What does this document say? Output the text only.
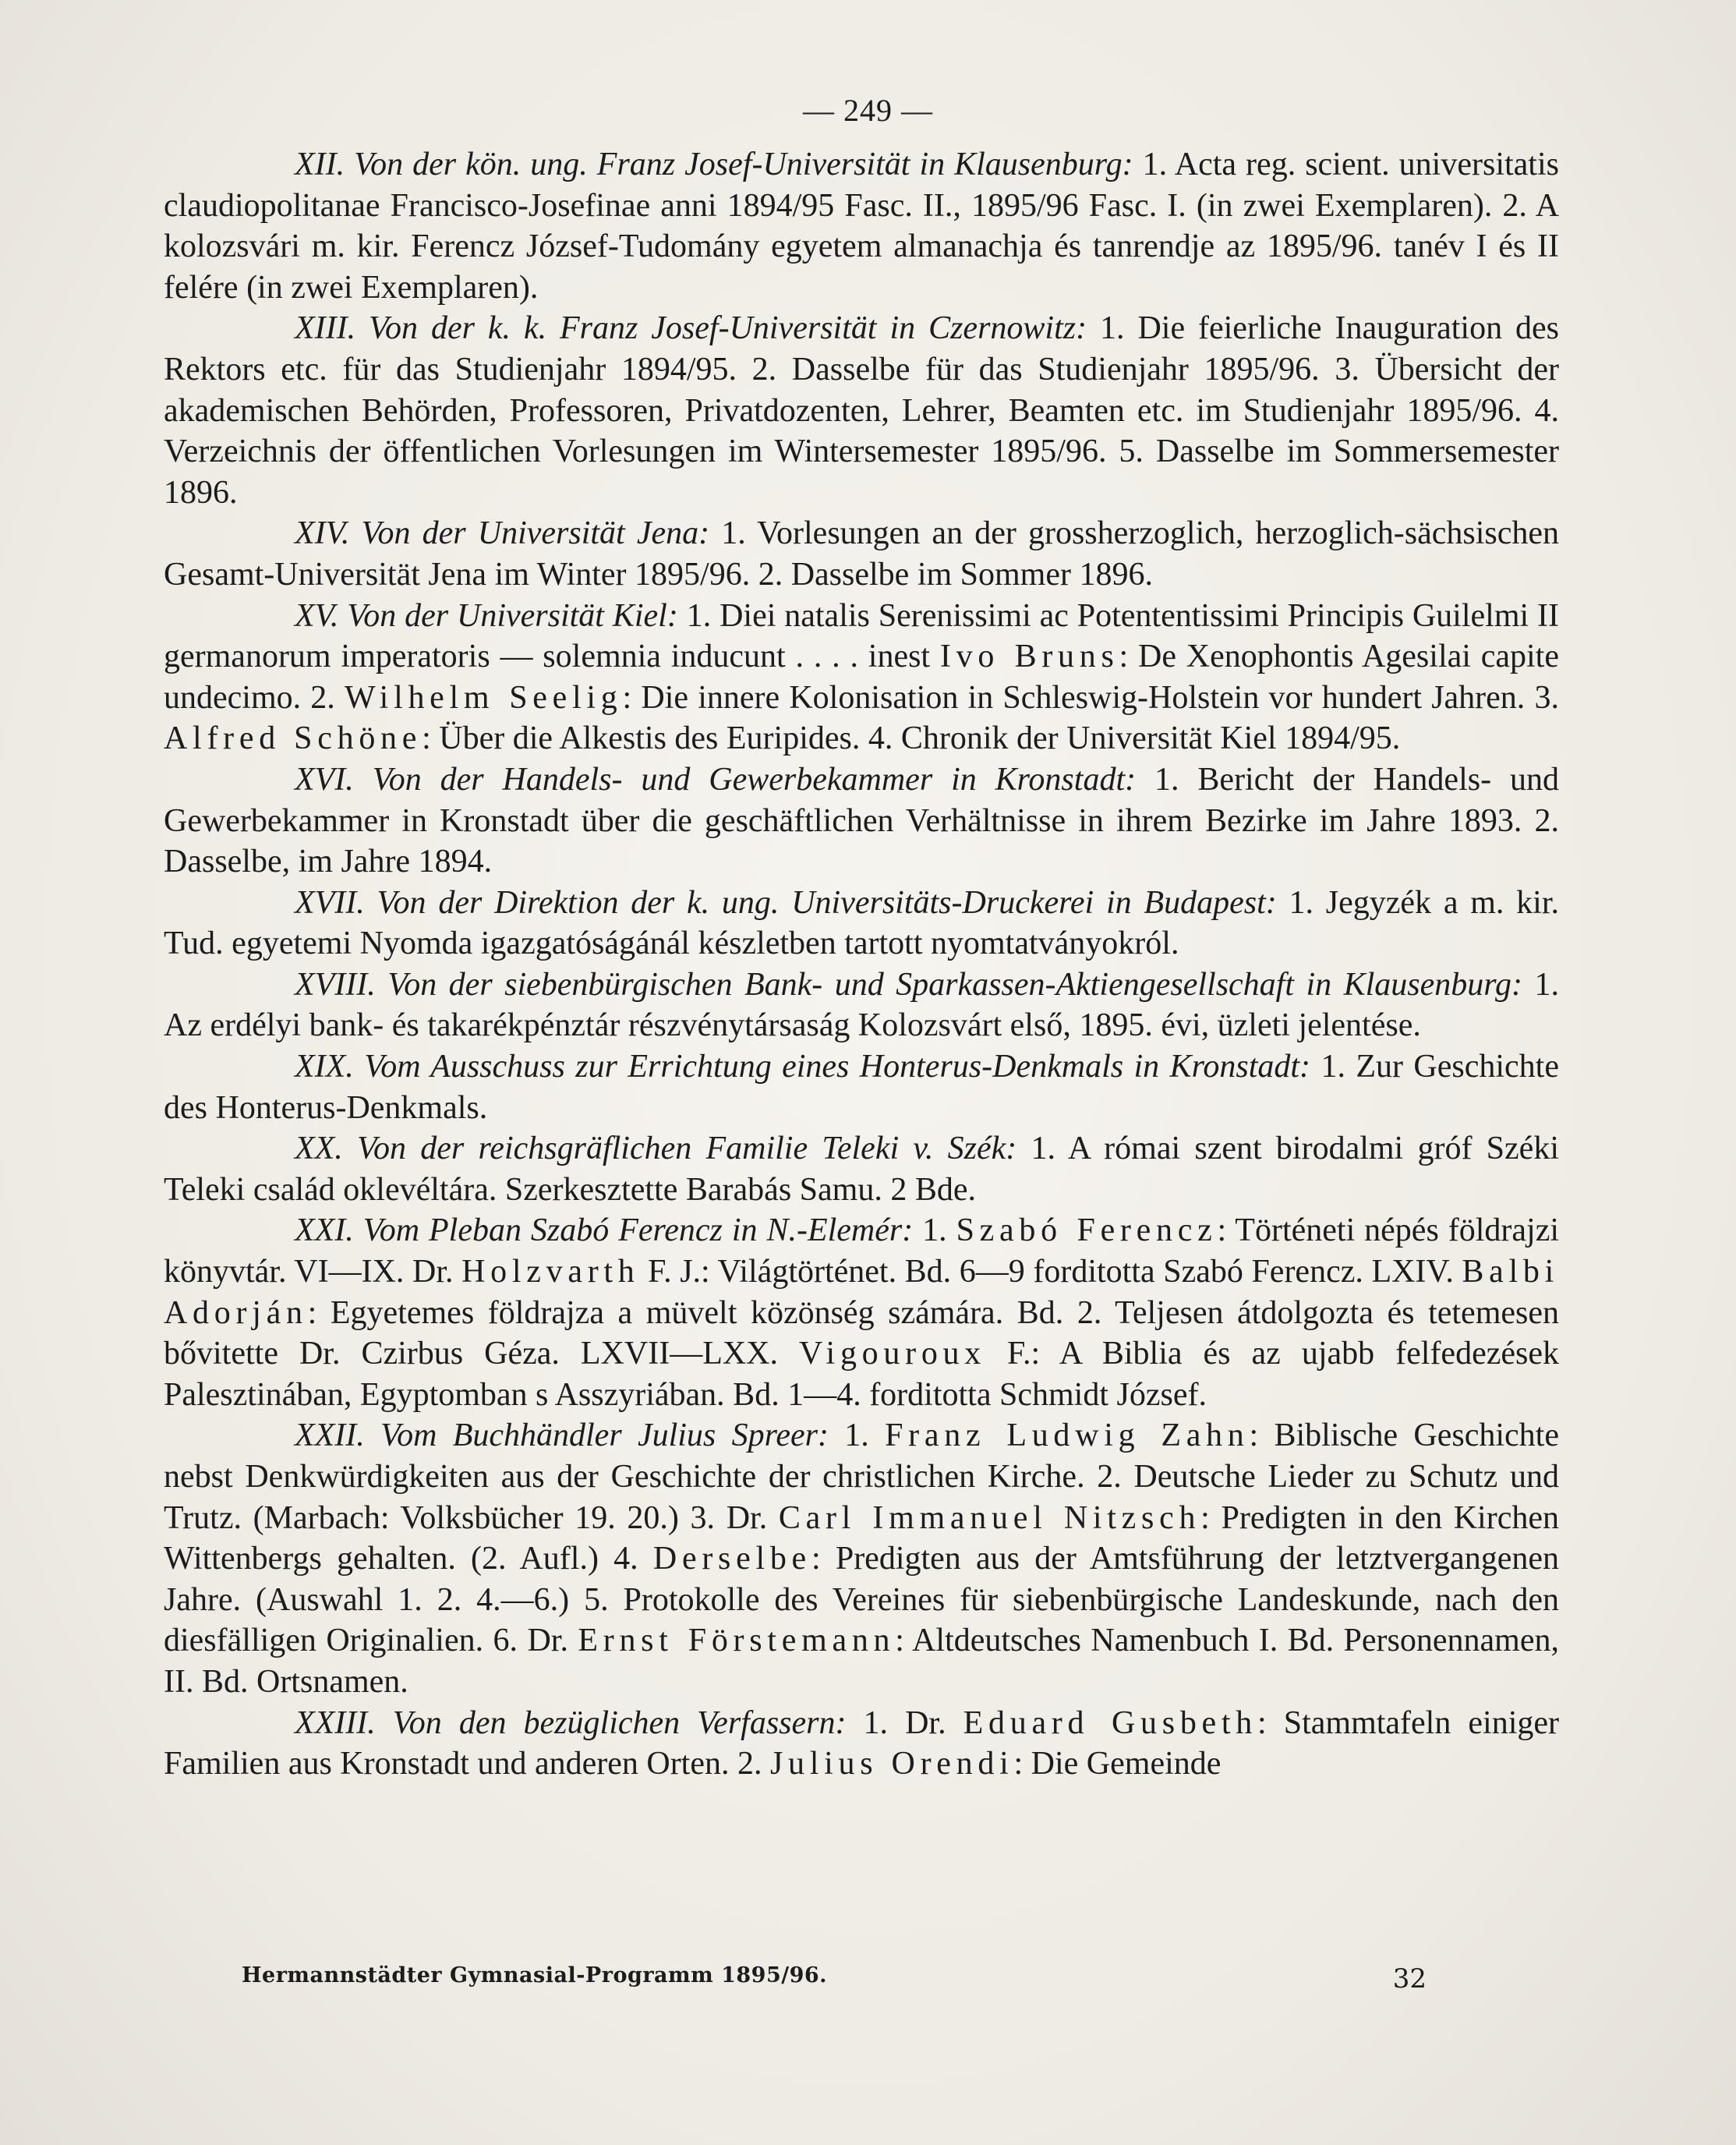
— 249 —

XII. Von der kön. ung. Franz Josef-Universität in Klausenburg: 1. Acta reg. scient. universitatis claudiopolitanae Francisco-Josefinae anni 1894/95 Fasc. II., 1895/96 Fasc. I. (in zwei Exemplaren). 2. A kolozsvári m. kir. Ferencz József-Tudomány egyetem almanachja és tanrendje az 1895/96. tanév I és II felére (in zwei Exemplaren).

XIII. Von der k. k. Franz Josef-Universität in Czernowitz: 1. Die feierliche Inauguration des Rektors etc. für das Studienjahr 1894/95. 2. Dasselbe für das Studienjahr 1895/96. 3. Übersicht der akademischen Behörden, Professoren, Privatdozenten, Lehrer, Beamten etc. im Studienjahr 1895/96. 4. Verzeichnis der öffentlichen Vorlesungen im Wintersemester 1895/96. 5. Dasselbe im Sommersemester 1896.

XIV. Von der Universität Jena: 1. Vorlesungen an der grossherzoglich, herzoglich-sächsischen Gesamt-Universität Jena im Winter 1895/96. 2. Dasselbe im Sommer 1896.

XV. Von der Universität Kiel: 1. Diei natalis Serenissimi ac Potententissimi Principis Guilelmi II germanorum imperatoris — solemnia inducunt . . . . inest Ivo Bruns: De Xenophontis Agesilai capite undecimo. 2. Wilhelm Seelig: Die innere Kolonisation in Schleswig-Holstein vor hundert Jahren. 3. Alfred Schöne: Über die Alkestis des Euripides. 4. Chronik der Universität Kiel 1894/95.

XVI. Von der Handels- und Gewerbekammer in Kronstadt: 1. Bericht der Handels- und Gewerbekammer in Kronstadt über die geschäftlichen Verhältnisse in ihrem Bezirke im Jahre 1893. 2. Dasselbe, im Jahre 1894.

XVII. Von der Direktion der k. ung. Universitäts-Druckerei in Budapest: 1. Jegyzék a m. kir. Tud. egyetemi Nyomda igazgatóságánál készletben tartott nyomtatványokról.

XVIII. Von der siebenbürgischen Bank- und Sparkassen-Aktiengesellschaft in Klausenburg: 1. Az erdélyi bank- és takarékpénztár részvénytársaság Kolozsvárt első, 1895. évi, üzleti jelentése.

XIX. Vom Ausschuss zur Errichtung eines Honterus-Denkmals in Kronstadt: 1. Zur Geschichte des Honterus-Denkmals.

XX. Von der reichsgräflichen Familie Teleki v. Szék: 1. A római szent birodalmi gróf Széki Teleki család oklevéltára. Szerkesztette Barabás Samu. 2 Bde.

XXI. Vom Pleban Szabó Ferencz in N.-Elemér: 1. Szabó Ferencz: Történeti népés földrajzi könyvtár. VI—IX. Dr. Holzvarth F. J.: Világtörténet. Bd. 6—9 forditotta Szabó Ferencz. LXIV. Balbi Adorján: Egyetemes földrajza a müvelt közönség számára. Bd. 2. Teljesen átdolgozta és tetemesen bővitette Dr. Czirbus Géza. LXVII—LXX. Vigouroux F.: A Biblia és az ujabb felfedezések Palesztinában, Egyptomban s Asszyriában. Bd. 1—4. forditotta Schmidt József.

XXII. Vom Buchhändler Julius Spreer: 1. Franz Ludwig Zahn: Biblische Geschichte nebst Denkwürdigkeiten aus der Geschichte der christlichen Kirche. 2. Deutsche Lieder zu Schutz und Trutz. (Marbach: Volksbücher 19. 20.) 3. Dr. Carl Immanuel Nitzsch: Predigten in den Kirchen Wittenbergs gehalten. (2. Aufl.) 4. Derselbe: Predigten aus der Amtsführung der letztvergangenen Jahre. (Auswahl 1. 2. 4.—6.) 5. Protokolle des Vereines für siebenbürgische Landeskunde, nach den diesfälligen Originalien. 6. Dr. Ernst Förstemann: Altdeutsches Namenbuch I. Bd. Personennamen, II. Bd. Ortsnamen.

XXIII. Von den bezüglichen Verfassern: 1. Dr. Eduard Gusbeth: Stammtafeln einiger Familien aus Kronstadt und anderen Orten. 2. Julius Orendi: Die Gemeinde

Hermannstädter Gymnasial-Programm 1895/96.	32
